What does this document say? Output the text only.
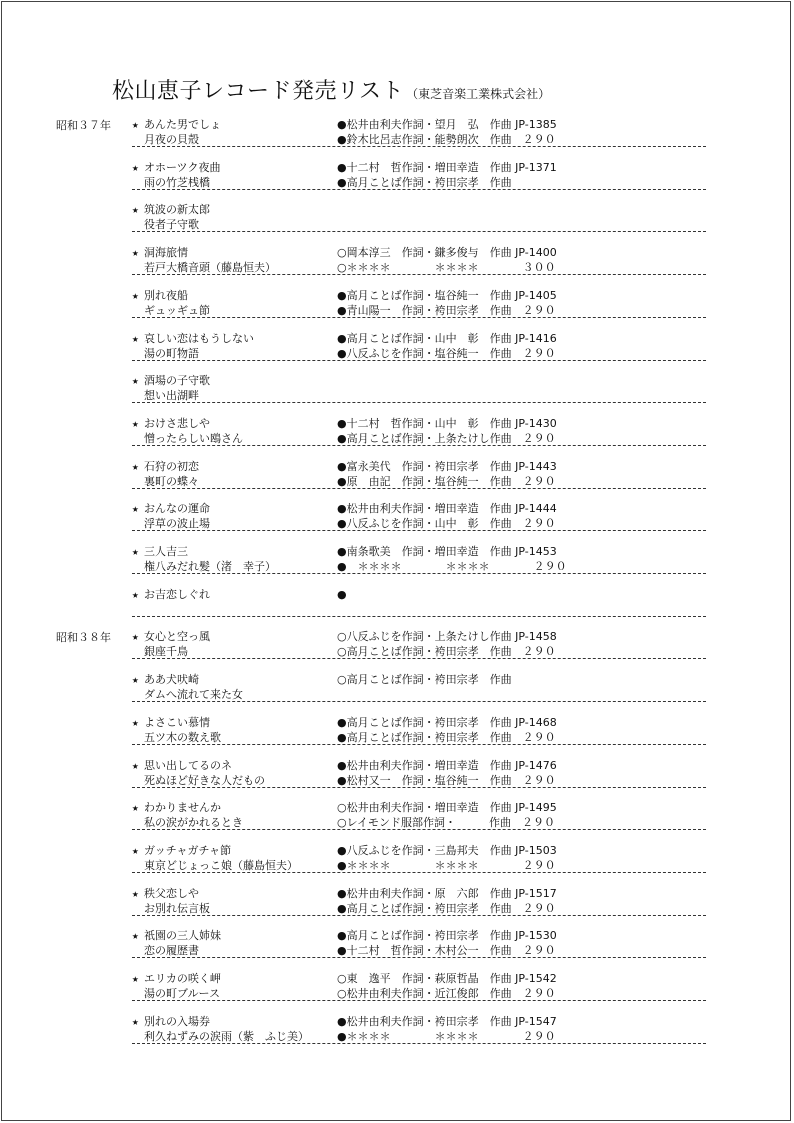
松山恵子レコード発売リスト （東芝音楽工業株式会社）
昭和３７年 ★ あんた男でしょ	●松井由利夫作詞・望月　弘　作曲 JP-1385
月夜の貝殻	●鈴木比呂志作詞・能勢朗次　作曲　２９０
★ オホーツク夜曲	●十二村　哲作詞・増田幸造　作曲 JP-1371
雨の竹芝桟橋	●高月ことば作詞・袴田宗孝　作曲
★ 筑波の新太郎
役者子守歌
★ 洞海旅情	○岡本淳三　作詞・鎌多俊与　作曲 JP-1400
若戸大橋音頭（藤島恒夫）	○＊＊＊＊　　　　＊＊＊＊　　　　３００
★ 別れ夜船	●高月ことば作詞・塩谷純一　作曲 JP-1405
ギュッギュ節	●青山陽一　作詞・袴田宗孝　作曲　２９０
★ 哀しい恋はもうしない	●高月ことば作詞・山中　彰　作曲 JP-1416
湯の町物語	●八反ふじを作詞・塩谷純一　作曲　２９０
★ 酒場の子守歌
想い出湖畔
★ おけさ悲しや	●十二村　哲作詞・山中　彰　作曲 JP-1430
憎ったらしい鴎さん	●高月ことば作詞・上条たけし作曲　２９０
★ 石狩の初恋	●富永美代　作詞・袴田宗孝　作曲 JP-1443
裏町の蝶々	●原　由記　作詞・塩谷純一　作曲　２９０
★ おんなの運命	●松井由利夫作詞・増田幸造　作曲 JP-1444
浮草の波止場	●八反ふじを作詞・山中　彰　作曲　２９０
★ 三人吉三	●南条歌美　作詞・増田幸造　作曲 JP-1453
権八みだれ髪（渚　幸子）	●　＊＊＊＊　　　　＊＊＊＊　　　　２９０
★ お吉恋しぐれ	●
昭和３８年 ★ 女心と空っ風	○八反ふじを作詞・上条たけし作曲 JP-1458
銀座千鳥	○高月ことば作詞・袴田宗孝　作曲　２９０
★ ああ犬吠崎	○高月ことば作詞・袴田宗孝　作曲
ダムへ流れて来た女
★ よさこい慕情	●高月ことば作詞・袴田宗孝　作曲 JP-1468
五ツ木の数え歌	●高月ことば作詞・袴田宗孝　作曲　２９０
★ 思い出してるのネ	●松井由利夫作詞・増田幸造　作曲 JP-1476
死ぬほど好きな人だもの	●松村又一　作詞・塩谷純一　作曲　２９０
★ わかりませんか	○松井由利夫作詞・増田幸造　作曲 JP-1495
私の涙がかれるとき	○レイモンド服部作詞・　　　作曲　２９０
★ ガッチャガチャ節	●八反ふじを作詞・三島邦夫　作曲 JP-1503
東京どじょっこ娘（藤島恒夫）	●＊＊＊＊　　　　＊＊＊＊　　　　２９０
★ 秩父恋しや	●松井由利夫作詞・原　六郎　作曲 JP-1517
お別れ伝言板	●高月ことば作詞・袴田宗孝　作曲　２９０
★ 祇園の三人姉妹	●高月ことば作詞・袴田宗孝　作曲 JP-1530
恋の履歴書	●十二村　哲作詞・木村公一　作曲　２９０
★ エリカの咲く岬	○東　逸平　作詞・萩原哲晶　作曲 JP-1542
湯の町ブルース	○松井由利夫作詞・近江俊郎　作曲　２９０
★ 別れの入場券	●松井由利夫作詞・袴田宗孝　作曲 JP-1547
利久ねずみの涙雨（紫　ふじ美）	●＊＊＊＊　　　　＊＊＊＊　　　　２９０
